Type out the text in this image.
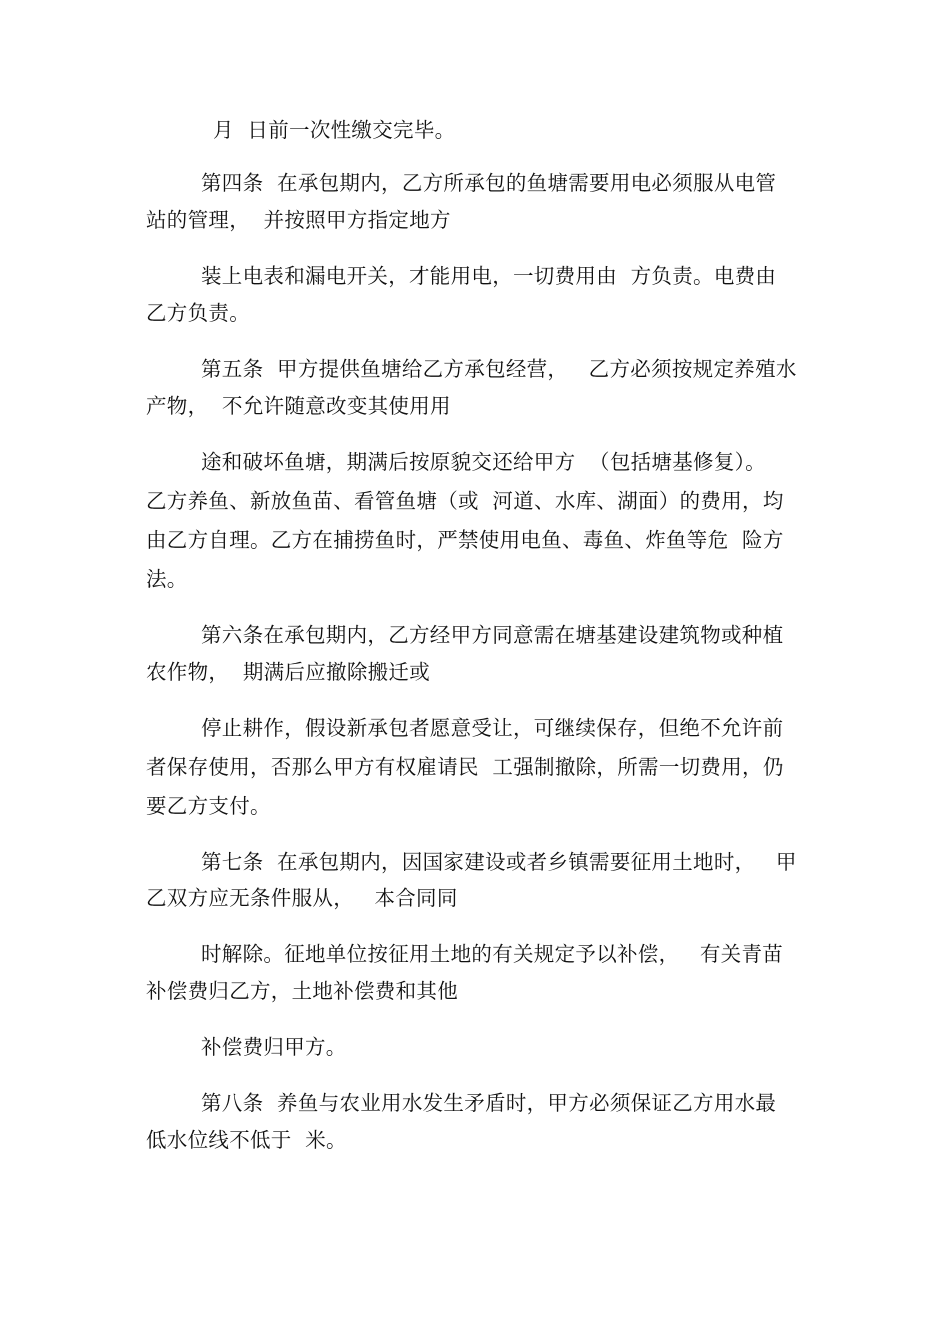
月  日前一次性缴交完毕。
第四条  在承包期内，乙方所承包的鱼塘需要用电必须服从电管
站的管理，  并按照甲方指定地方
装上电表和漏电开关，才能用电，一切费用由  方负责。电费由
乙方负责。
第五条  甲方提供鱼塘给乙方承包经营，   乙方必须按规定养殖水
产物，  不允许随意改变其使用用
途和破坏鱼塘，期满后按原貌交还给甲方  （包括塘基修复）。
乙方养鱼、新放鱼苗、看管鱼塘（或  河道、水库、湖面）的费用，均
由乙方自理。乙方在捕捞鱼时，严禁使用电鱼、毒鱼、炸鱼等危  险方
法。
第六条在承包期内，乙方经甲方同意需在塘基建设建筑物或种植
农作物，  期满后应撤除搬迁或
停止耕作，假设新承包者愿意受让，可继续保存，但绝不允许前
者保存使用，否那么甲方有权雇请民  工强制撤除，所需一切费用，仍
要乙方支付。
第七条  在承包期内，因国家建设或者乡镇需要征用土地时，   甲
乙双方应无条件服从，   本合同同
时解除。征地单位按征用土地的有关规定予以补偿，   有关青苗
补偿费归乙方，土地补偿费和其他
补偿费归甲方。
第八条  养鱼与农业用水发生矛盾时，甲方必须保证乙方用水最
低水位线不低于  米。
